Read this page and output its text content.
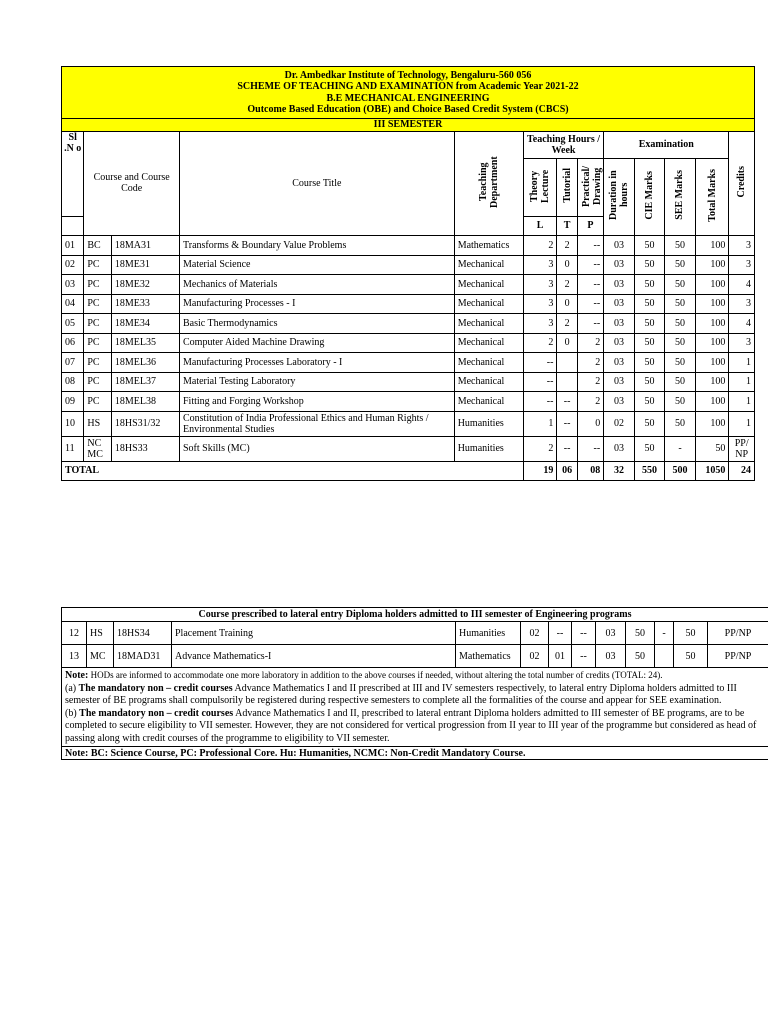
Dr. Ambedkar Institute of Technology, Bengaluru-560 056
SCHEME OF TEACHING AND EXAMINATION from Academic Year 2021-22
B.E MECHANICAL ENGINEERING
Outcome Based Education (OBE) and Choice Based Credit System (CBCS)												

III SEMESTER												
Sl .N o	Course and Course Code		Course Title	Teaching Department	Teaching Hours / Week			Examination				Credits
					Theory Lecture	Tutorial	Practical/ Drawing	Duration in hours	CIE Marks	SEE Marks	Total Marks	
					L	T	P					
01	BC	18MA31	Transforms & Boundary Value Problems	Mathematics	2	2	--	03	50	50	100	3
02	PC	18ME31	Material Science	Mechanical	3	0	--	03	50	50	100	3
03	PC	18ME32	Mechanics of Materials	Mechanical	3	2	--	03	50	50	100	4
04	PC	18ME33	Manufacturing Processes - I	Mechanical	3	0	--	03	50	50	100	3
05	PC	18ME34	Basic Thermodynamics	Mechanical	3	2	--	03	50	50	100	4
06	PC	18MEL35	Computer Aided Machine Drawing	Mechanical	2	0	2	03	50	50	100	3
07	PC	18MEL36	Manufacturing Processes Laboratory - I	Mechanical	--		2	03	50	50	100	1
08	PC	18MEL37	Material Testing Laboratory	Mechanical	--		2	03	50	50	100	1
09	PC	18MEL38	Fitting and Forging Workshop	Mechanical	--	--	2	03	50	50	100	1
10	HS	18HS31/32	Constitution of India Professional Ethics and Human Rights / Environmental Studies	Humanities	1	--	0	02	50	50	100	1
11	NC MC	18HS33	Soft Skills (MC)	Humanities	2	--	--	03	50	-	50	PP/ NP
TOTAL					19	06	08	32	550	500	1050	24
Course prescribed to lateral entry Diploma holders admitted to III semester of Engineering programs												
12	HS	18HS34	Placement Training	Humanities	02	--	--	03	50	-	50	PP/NP
13	MC	18MAD31	Advance Mathematics-I	Mathematics	02	01	--	03	50		50	PP/NP

Note: HODs are informed to accommodate one more laboratory in addition to the above courses if needed, without altering the total number of credits (TOTAL: 24).
(a) The mandatory non – credit courses Advance Mathematics I and II prescribed at III and IV semesters respectively, to lateral entry Diploma holders admitted to III semester of BE programs shall compulsorily be registered during respective semesters to complete all the formalities of the course and appear for SEE examination.
(b) The mandatory non – credit courses Advance Mathematics I and II, prescribed to lateral entrant Diploma holders admitted to III semester of BE programs, are to be completed to secure eligibility to VII semester. However, they are not considered for vertical progression from II year to III year of the programme but considered as head of passing along with credit courses of the programme to eligibility to VII semester.												

Note: BC: Science Course, PC: Professional Core. Hu: Humanities, NCMC: Non-Credit Mandatory Course.												
